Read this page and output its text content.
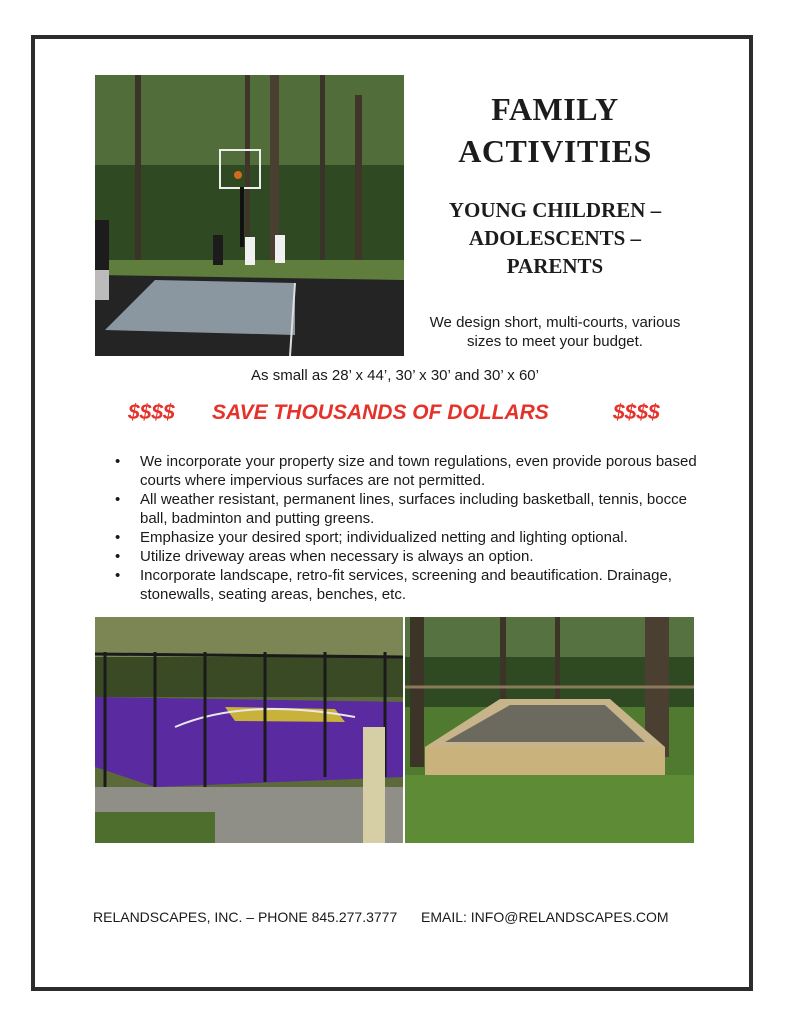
FAMILY
ACTIVITIES
YOUNG CHILDREN –
ADOLESCENTS –
PARENTS
We design short, multi-courts, various
sizes to meet your budget.
As small as 28’ x 44’, 30’ x 30’ and 30’ x 60’
$$$$ SAVE THOUSANDS OF DOLLARS	$$$$
• We incorporate your property size and town regulations, even provide porous based courts where impervious surfaces are not permitted.
• All weather resistant, permanent lines, surfaces including basketball, tennis, bocce ball, badminton and putting greens.
• Emphasize your desired sport; individualized netting and lighting optional.
• Utilize driveway areas when necessary is always an option.
• Incorporate landscape, retro-fit services, screening and beautification. Drainage, stonewalls, seating areas, benches, etc.
RELANDSCAPES, INC. – PHONE 845.277.3777 EMAIL: INFO@RELANDSCAPES.COM
